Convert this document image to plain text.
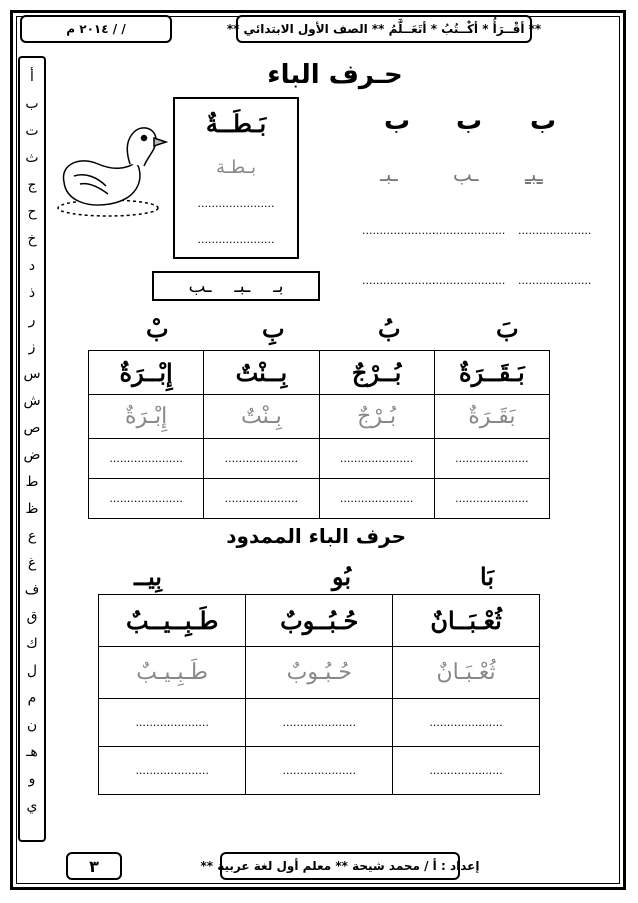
** أقْــرَأُ * أكْــتُبُ * أتَعَــلَّمُ ** الصف الأول الابتدائي **
/ / ٢٠١٤ م
أ
ب
ت
ث
ج
ح
خ
د
ذ
ر
ز
س
ش
ص
ض
ط
ظ
ع
غ
ف
ق
ك
ل
م
ن
هـ
و
ي
حـرف الباء
ب
ب
ب
ـبـ
ـب
ـبـ
.....................
.....................
.....................
.....................
.....................
.....................
بَـطَــةٌ
بـطـة
......................
......................
بـ    ـبـ    ـب
بَ
بُ
بِ
بْ
بَـقَــرَةٌ	بُــرْجٌ	بِــنْتٌ	إِبْــرَةٌ
بَقَـرَةٌ	بُـرْجٌ	بِـنْتٌ	إِبْـرَةٌ
.....................	.....................	.....................	.....................
.....................	.....................	.....................	.....................
حرف الباء الممدود
بَا
بُو
بِيــ
ثُعْـبَــانٌ	حُـبُــوبٌ	طَـبِــيــبٌ
ثُعْـبَـانٌ	حُـبُـوبٌ	طَـبِـيـبٌ
.....................	.....................	.....................
.....................	.....................	.....................
إعداد : أ / محمد شيحة ** معلم أول لغة عربية **
٣
